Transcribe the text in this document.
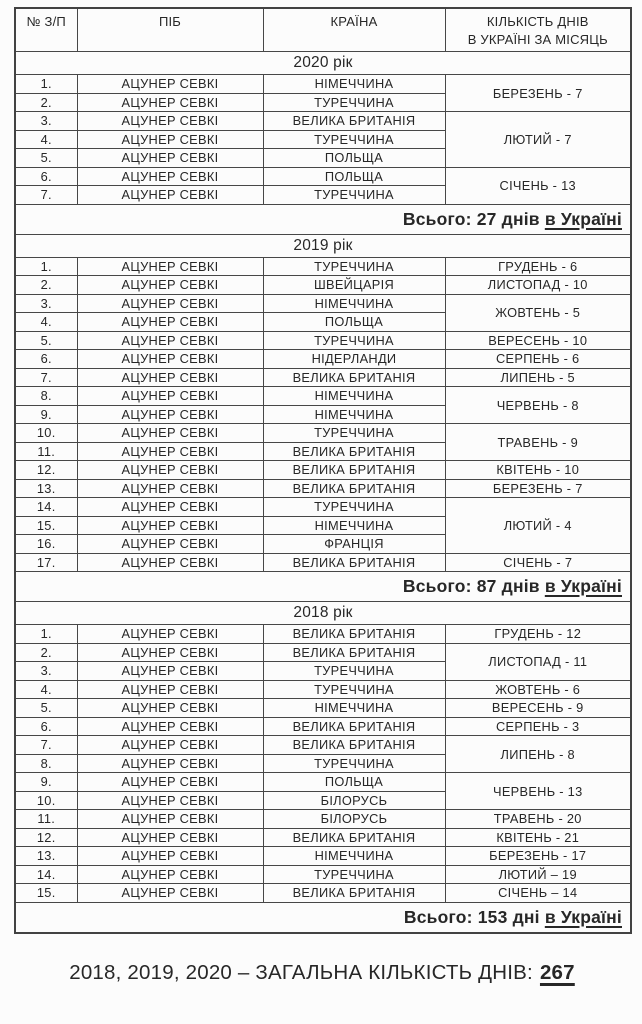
№ З/П	ПІБ	КРАЇНА	КІЛЬКІСТЬ ДНІВ
В УКРАЇНІ ЗА МІСЯЦЬ

2020 рік			
1.	АЦУНЕР СЕВКІ	НІМЕЧЧИНА	БЕРЕЗЕНЬ - 7
2.	АЦУНЕР СЕВКІ	ТУРЕЧЧИНА	
3.	АЦУНЕР СЕВКІ	ВЕЛИКА БРИТАНІЯ	ЛЮТИЙ - 7
4.	АЦУНЕР СЕВКІ	ТУРЕЧЧИНА	
5.	АЦУНЕР СЕВКІ	ПОЛЬЩА	
6.	АЦУНЕР СЕВКІ	ПОЛЬЩА	СІЧЕНЬ - 13
7.	АЦУНЕР СЕВКІ	ТУРЕЧЧИНА	
Всього: 27 днів в Україні			
2019 рік			
1.	АЦУНЕР СЕВКІ	ТУРЕЧЧИНА	ГРУДЕНЬ - 6
2.	АЦУНЕР СЕВКІ	ШВЕЙЦАРІЯ	ЛИСТОПАД - 10
3.	АЦУНЕР СЕВКІ	НІМЕЧЧИНА	ЖОВТЕНЬ - 5
4.	АЦУНЕР СЕВКІ	ПОЛЬЩА	
5.	АЦУНЕР СЕВКІ	ТУРЕЧЧИНА	ВЕРЕСЕНЬ - 10
6.	АЦУНЕР СЕВКІ	НІДЕРЛАНДИ	СЕРПЕНЬ - 6
7.	АЦУНЕР СЕВКІ	ВЕЛИКА БРИТАНІЯ	ЛИПЕНЬ - 5
8.	АЦУНЕР СЕВКІ	НІМЕЧЧИНА	ЧЕРВЕНЬ - 8
9.	АЦУНЕР СЕВКІ	НІМЕЧЧИНА	
10.	АЦУНЕР СЕВКІ	ТУРЕЧЧИНА	ТРАВЕНЬ - 9
11.	АЦУНЕР СЕВКІ	ВЕЛИКА БРИТАНІЯ	
12.	АЦУНЕР СЕВКІ	ВЕЛИКА БРИТАНІЯ	КВІТЕНЬ - 10
13.	АЦУНЕР СЕВКІ	ВЕЛИКА БРИТАНІЯ	БЕРЕЗЕНЬ - 7
14.	АЦУНЕР СЕВКІ	ТУРЕЧЧИНА	ЛЮТИЙ - 4
15.	АЦУНЕР СЕВКІ	НІМЕЧЧИНА	
16.	АЦУНЕР СЕВКІ	ФРАНЦІЯ	
17.	АЦУНЕР СЕВКІ	ВЕЛИКА БРИТАНІЯ	СІЧЕНЬ - 7
Всього: 87 днів в Україні			
2018 рік			
1.	АЦУНЕР СЕВКІ	ВЕЛИКА БРИТАНІЯ	ГРУДЕНЬ - 12
2.	АЦУНЕР СЕВКІ	ВЕЛИКА БРИТАНІЯ	ЛИСТОПАД - 11
3.	АЦУНЕР СЕВКІ	ТУРЕЧЧИНА	
4.	АЦУНЕР СЕВКІ	ТУРЕЧЧИНА	ЖОВТЕНЬ - 6
5.	АЦУНЕР СЕВКІ	НІМЕЧЧИНА	ВЕРЕСЕНЬ - 9
6.	АЦУНЕР СЕВКІ	ВЕЛИКА БРИТАНІЯ	СЕРПЕНЬ - 3
7.	АЦУНЕР СЕВКІ	ВЕЛИКА БРИТАНІЯ	ЛИПЕНЬ - 8
8.	АЦУНЕР СЕВКІ	ТУРЕЧЧИНА	
9.	АЦУНЕР СЕВКІ	ПОЛЬЩА	ЧЕРВЕНЬ - 13
10.	АЦУНЕР СЕВКІ	БІЛОРУСЬ	
11.	АЦУНЕР СЕВКІ	БІЛОРУСЬ	ТРАВЕНЬ - 20
12.	АЦУНЕР СЕВКІ	ВЕЛИКА БРИТАНІЯ	КВІТЕНЬ - 21
13.	АЦУНЕР СЕВКІ	НІМЕЧЧИНА	БЕРЕЗЕНЬ - 17
14.	АЦУНЕР СЕВКІ	ТУРЕЧЧИНА	ЛЮТИЙ – 19
15.	АЦУНЕР СЕВКІ	ВЕЛИКА БРИТАНІЯ	СІЧЕНЬ – 14
Всього: 153 дні в Україні			
2018, 2019, 2020 – ЗАГАЛЬНА КІЛЬКІСТЬ ДНІВ: 267
